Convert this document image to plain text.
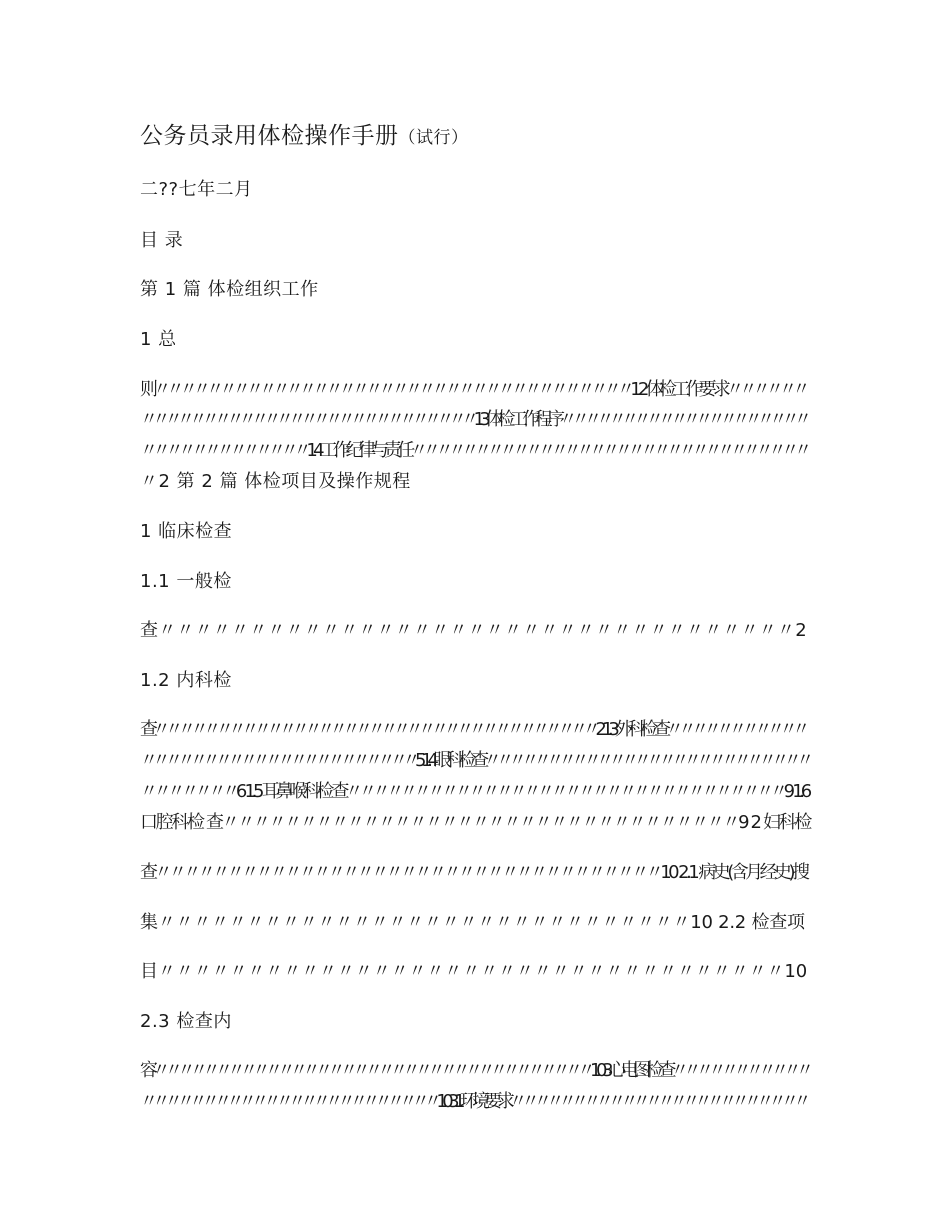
公务员录用体检操作手册（试行）
二??七年二月
目 录
第 1 篇 体检组织工作
1 总
则〃〃〃〃〃〃〃〃〃〃〃〃〃〃〃〃〃〃〃〃〃〃〃〃〃〃〃〃〃〃〃〃〃〃〃〃1 2 体检工作要 求〃〃〃〃〃〃
〃〃〃〃〃〃〃〃〃〃〃〃〃〃〃〃〃〃〃〃〃〃〃〃〃〃〃1 3 体检工作程 序〃〃〃〃〃〃〃〃〃〃〃〃〃〃〃〃〃〃〃〃
〃〃〃〃〃〃〃〃〃〃〃〃〃1 4 工作纪律与责 任〃〃〃〃〃〃〃〃〃〃〃〃〃〃〃〃〃〃〃〃〃〃〃〃〃〃〃〃〃〃〃
〃2 第 2 篇 体检项目及操作规程
1 临床检查
1.1 一般检
查〃〃〃〃〃〃〃〃〃〃〃〃〃〃〃〃〃〃〃〃〃〃〃〃〃〃〃〃〃〃〃〃〃〃〃2
1.2 内科检
查〃〃〃〃〃〃〃〃〃〃〃〃〃〃〃〃〃〃〃〃〃〃〃〃〃〃〃〃〃〃〃〃〃〃〃2 1.3 外科检 查〃〃〃〃〃〃〃〃〃〃〃
〃〃〃〃〃〃〃〃〃〃〃〃〃〃〃〃〃〃〃〃〃〃5 1.4 眼科检 查〃〃〃〃〃〃〃〃〃〃〃〃〃〃〃〃〃〃〃〃〃〃〃〃〃〃
〃〃〃〃〃〃〃6 1.5 耳鼻喉科检 查〃〃〃〃〃〃〃〃〃〃〃〃〃〃〃〃〃〃〃〃〃〃〃〃〃〃〃〃〃〃〃〃9 1.6
口腔科检 查〃〃〃〃〃〃〃〃〃〃〃〃〃〃〃〃〃〃〃〃〃〃〃〃〃〃〃〃〃〃〃〃〃9 2 妇科检
查〃〃〃〃〃〃〃〃〃〃〃〃〃〃〃〃〃〃〃〃〃〃〃〃〃〃〃〃〃〃〃〃〃〃〃10 2.1 病史(含月经史)搜
集〃〃〃〃〃〃〃〃〃〃〃〃〃〃〃〃〃〃〃〃〃〃〃〃〃〃〃〃〃〃10 2.2 检查项
目〃〃〃〃〃〃〃〃〃〃〃〃〃〃〃〃〃〃〃〃〃〃〃〃〃〃〃〃〃〃〃〃〃〃〃10
2.3 检查内
容〃〃〃〃〃〃〃〃〃〃〃〃〃〃〃〃〃〃〃〃〃〃〃〃〃〃〃〃〃〃〃〃〃〃〃10 3 心电图检 查〃〃〃〃〃〃〃〃〃〃〃
〃〃〃〃〃〃〃〃〃〃〃〃〃〃〃〃〃〃〃〃〃〃〃〃10 3.1 环境要 求〃〃〃〃〃〃〃〃〃〃〃〃〃〃〃〃〃〃〃〃〃〃〃〃
